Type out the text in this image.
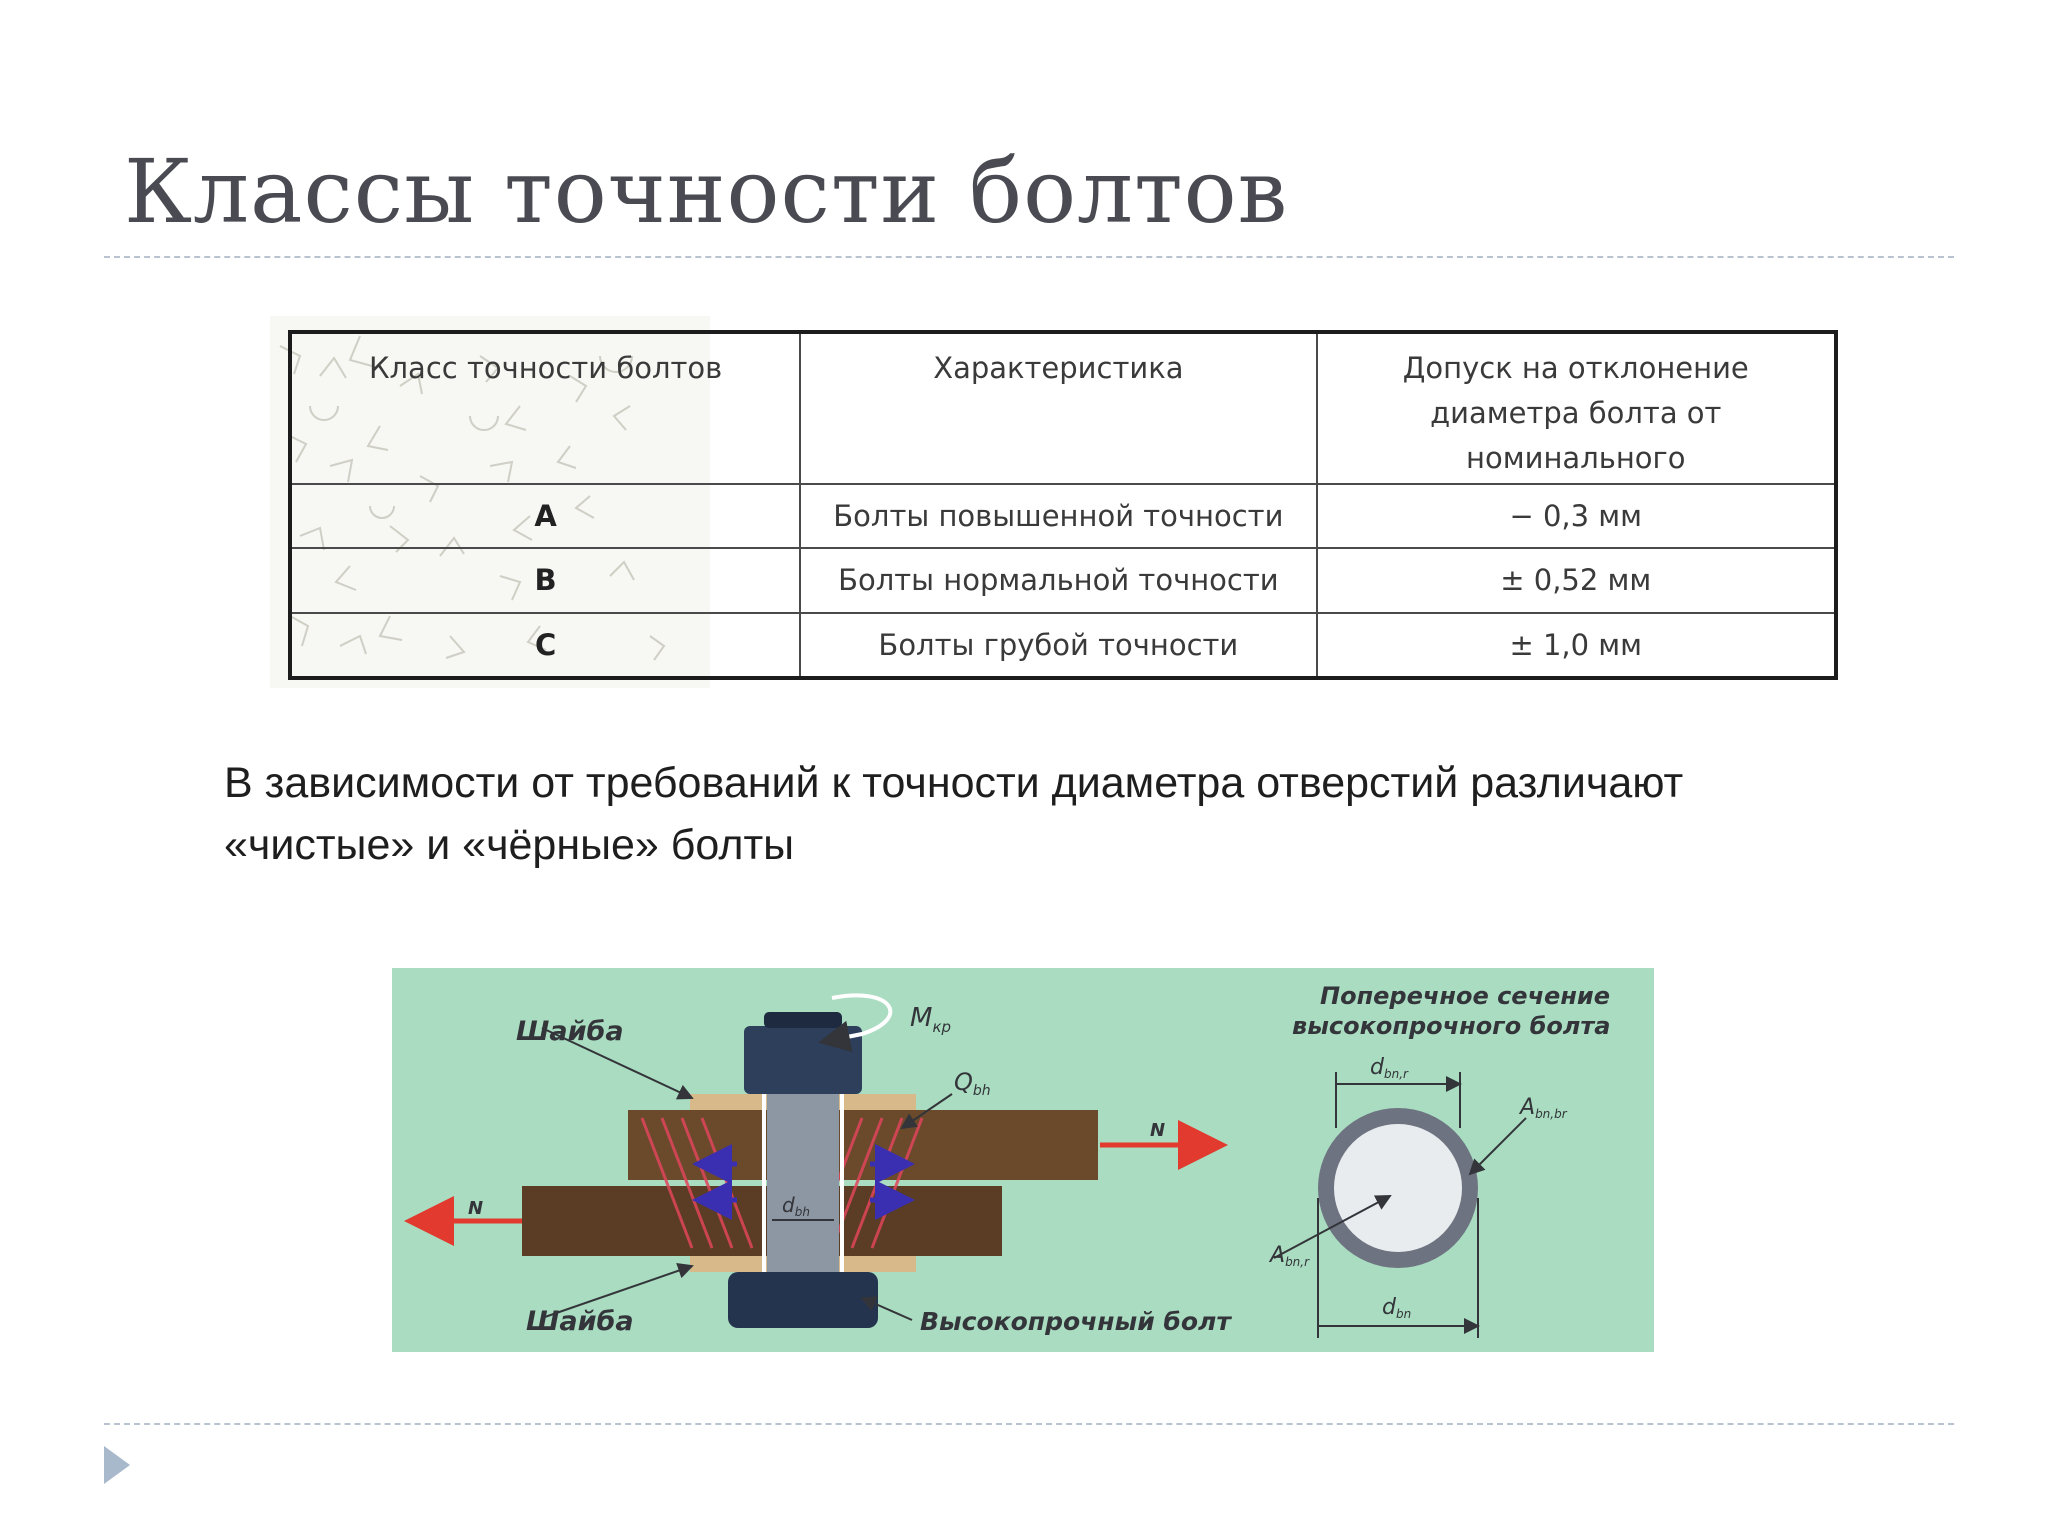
Классы точности болтов
Класс точности болтов	Характеристика	Допуск на отклонение
диаметра болта от
номинального
A	Болты повышенной точности	− 0,3 мм
B	Болты нормальной точности	± 0,52 мм
C	Болты грубой точности	± 1,0 мм
В зависимости от требований к точности диаметра отверстий различают
«чистые» и «чёрные» болты
Шайба
Шайба	Высокопрочный болт
$M_{кр}$
$Q_{bh}$
N
N	$d_{bh}$
Поперечное сечение
высокопрочного болта
dbn,r
dbn
Abn,br
Abn,r
